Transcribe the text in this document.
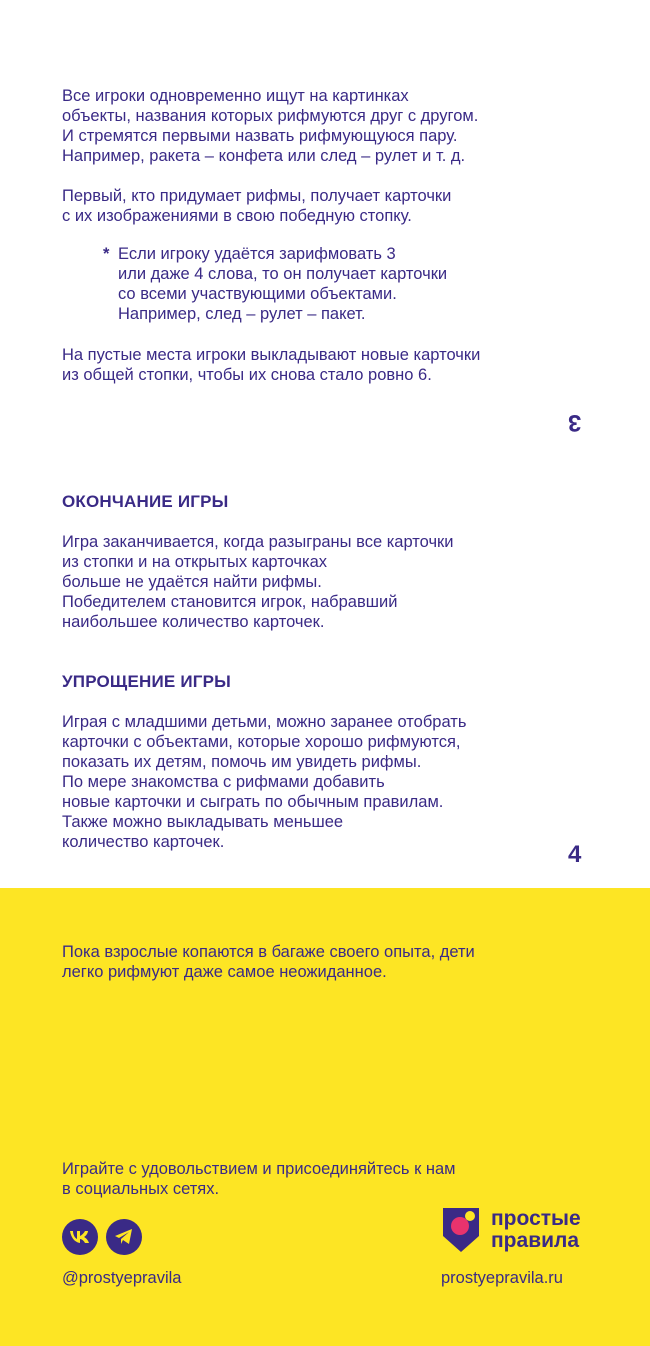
Все игроки одновременно ищут на картинках
объекты, названия которых рифмуются друг с другом.
И стремятся первыми назвать рифмующуюся пару.
Например, ракета – конфета или след – рулет и т. д.
Первый, кто придумает рифмы, получает карточки
с их изображениями в свою победную стопку.
* Если игроку удаётся зарифмовать 3
или даже 4 слова, то он получает карточки
со всеми участвующими объектами.
Например, след – рулет – пакет.
На пустые места игроки выкладывают новые карточки
из общей стопки, чтобы их снова стало ровно 6.
3
ОКОНЧАНИЕ ИГРЫ
Игра заканчивается, когда разыграны все карточки
из стопки и на открытых карточках
больше не удаётся найти рифмы.
Победителем становится игрок, набравший
наибольшее количество карточек.
УПРОЩЕНИЕ ИГРЫ
Играя с младшими детьми, можно заранее отобрать
карточки с объектами, которые хорошо рифмуются,
показать их детям, помочь им увидеть рифмы.
По мере знакомства с рифмами добавить
новые карточки и сыграть по обычным правилам.
Также можно выкладывать меньшее
количество карточек.	4
Пока взрослые копаются в багаже своего опыта, дети
легко рифмуют даже самое неожиданное.
Играйте с удовольствием и присоединяйтесь к нам
в социальных сетях.
@prostyepravila
простые
правила
prostyepravila.ru
